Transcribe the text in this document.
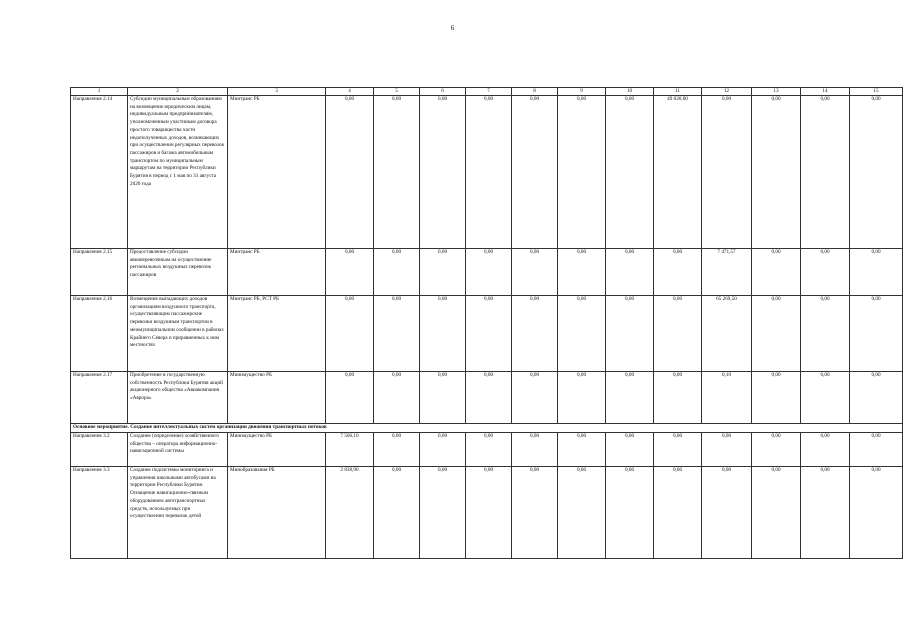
6
1	2	3	4	5	6	7	8	9	10	11	12	13	14	15
Направление 2.14	Субсидии муниципальным образованиям на возмещение юридическим лицам, индивидуальным предпринимателям, уполномоченным участникам договора простого товарищества части недополученных доходов, возникающих при осуществлении регулярных перевозок пассажиров и багажа автомобильным транспортом по муниципальным маршрутам на территории Республики Бурятия в период с 1 мая по 31 августа 2020 года	Минтранс РБ	0,00	0,00	0,00	0,00	0,00	0,00	0,00	49 020,00	0,00	0,00	0,00	0,00
Направление 2.15	Предоставление субсидии авиаперевозчикам на осуществление региональных воздушных перевозок пассажиров	Минтранс РБ	0,00	0,00	0,00	0,00	0,00	0,00	0,00	0,00	7 471,57	0,00	0,00	0,00
Направление 2.16	Возмещение выпадающих доходов организациям воздушного транспорта, осуществляющим пассажирские перевозки воздушным транспортом в межмуниципальном сообщении в районах Крайнего Севера и приравненных к ним местностях	Минтранс РБ, РСТ РБ	0,00	0,00	0,00	0,00	0,00	0,00	0,00	0,00	65 269,50	0,00	0,00	0,00
Направление 2.17	Приобретение в государственную собственность Республики Бурятия акций акционерного общества «Авиакомпания «Аврора»	Минимущество РБ	0,00	0,00	0,00	0,00	0,00	0,00	0,00	0,00	0,10	0,00	0,00	0,00
Основное мероприятие. Создание интеллектуальных систем организации движения транспортных потоков														
Направление 3.2	Создание (определение) хозяйственного общества – оператора информационно-навигационной системы	Минимущество РБ	7 566,10	0,00	0,00	0,00	0,00	0,00	0,00	0,00	0,00	0,00	0,00	0,00
Направление 3.3	Создание подсистемы мониторинга и управления школьными автобусами на территории Республики Бурятия. Оснащение навигационно-связным оборудованием автотранспортных средств, используемых при осуществлении перевозок детей	Минобразования РБ	2 838,90	0,00	0,00	0,00	0,00	0,00	0,00	0,00	0,00	0,00	0,00	0,00
